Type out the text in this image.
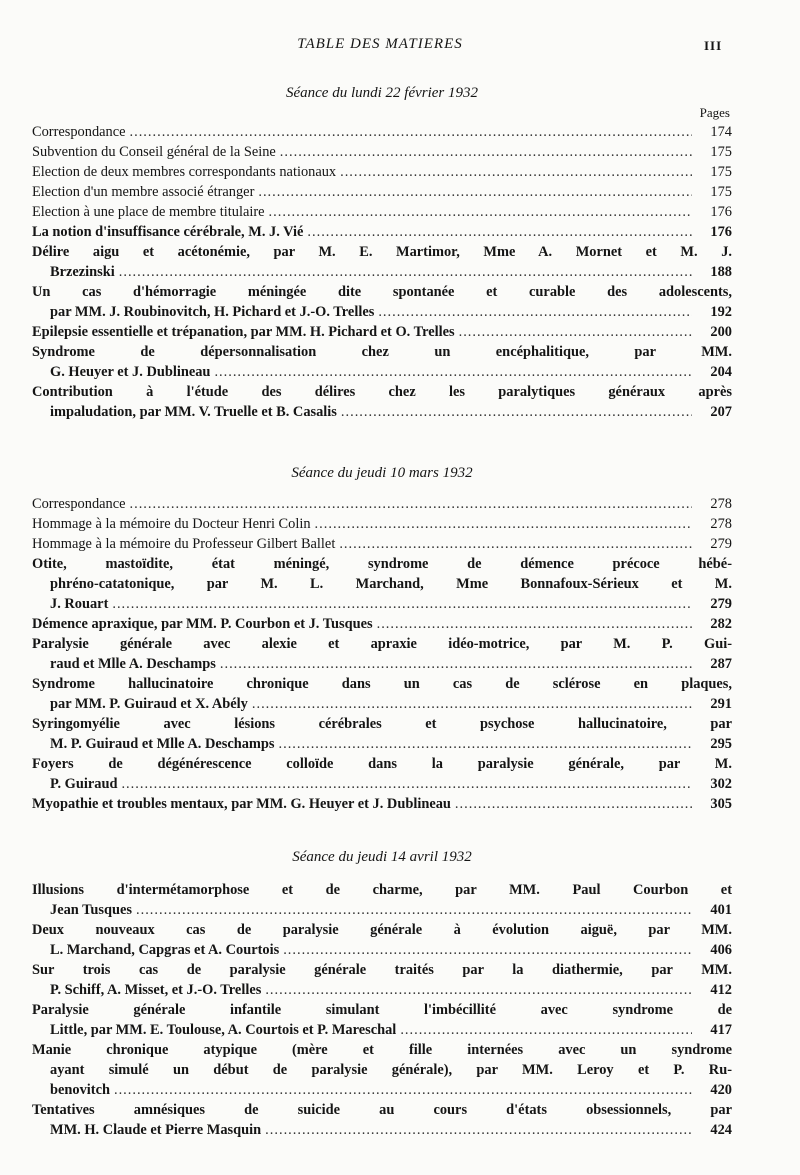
TABLE DES MATIERES	III
Séance du lundi 22 février 1932
Pages
Correspondance .....	174
Subvention du Conseil général de la Seine .....	175
Election de deux membres correspondants nationaux .....	175
Election d'un membre associé étranger .....	175
Election à une place de membre titulaire .....	176
La notion d'insuffisance cérébrale, M. J. Vié .....	176
Délire aigu et acétonémie, par M. E. Martimor, Mme A. Mornet et M. J.
Brzezinski .....	188
Un cas d'hémorragie méningée dite spontanée et curable des adolescents,
par MM. J. Roubinovitch, H. Pichard et J.-O. Trelles .....	192
Epilepsie essentielle et trépanation, par MM. H. Pichard et O. Trelles .....	200
Syndrome de dépersonnalisation chez un encéphalitique, par MM.
G. Heuyer et J. Dublineau .....	204
Contribution à l'étude des délires chez les paralytiques généraux après
impaludation, par MM. V. Truelle et B. Casalis .....	207
Séance du jeudi 10 mars 1932
Correspondance .....	278
Hommage à la mémoire du Docteur Henri Colin .....	278
Hommage à la mémoire du Professeur Gilbert Ballet .....	279
Otite, mastoïdite, état méningé, syndrome de démence précoce hébé-
phréno-catatonique, par M. L. Marchand, Mme Bonnafoux-Sérieux et M.
J. Rouart .....	279
Démence apraxique, par MM. P. Courbon et J. Tusques .....	282
Paralysie générale avec alexie et apraxie idéo-motrice, par M. P. Gui-
raud et Mlle A. Deschamps .....	287
Syndrome hallucinatoire chronique dans un cas de sclérose en plaques,
par MM. P. Guiraud et X. Abély .....	291
Syringomyélie avec lésions cérébrales et psychose hallucinatoire, par
M. P. Guiraud et Mlle A. Deschamps .....	295
Foyers de dégénérescence colloïde dans la paralysie générale, par M.
P. Guiraud .....	302
Myopathie et troubles mentaux, par MM. G. Heuyer et J. Dublineau .....	305
Séance du jeudi 14 avril 1932
Illusions d'intermétamorphose et de charme, par MM. Paul Courbon et
Jean Tusques .....	401
Deux nouveaux cas de paralysie générale à évolution aiguë, par MM.
L. Marchand, Capgras et A. Courtois .....	406
Sur trois cas de paralysie générale traités par la diathermie, par MM.
P. Schiff, A. Misset, et J.-O. Trelles .....	412
Paralysie générale infantile simulant l'imbécillité avec syndrome de
Little, par MM. E. Toulouse, A. Courtois et P. Mareschal .....	417
Manie chronique atypique (mère et fille internées avec un syndrome
ayant simulé un début de paralysie générale), par MM. Leroy et P. Ru-
benovitch .....	420
Tentatives amnésiques de suicide au cours d'états obsessionnels, par
MM. H. Claude et Pierre Masquin .....	424
